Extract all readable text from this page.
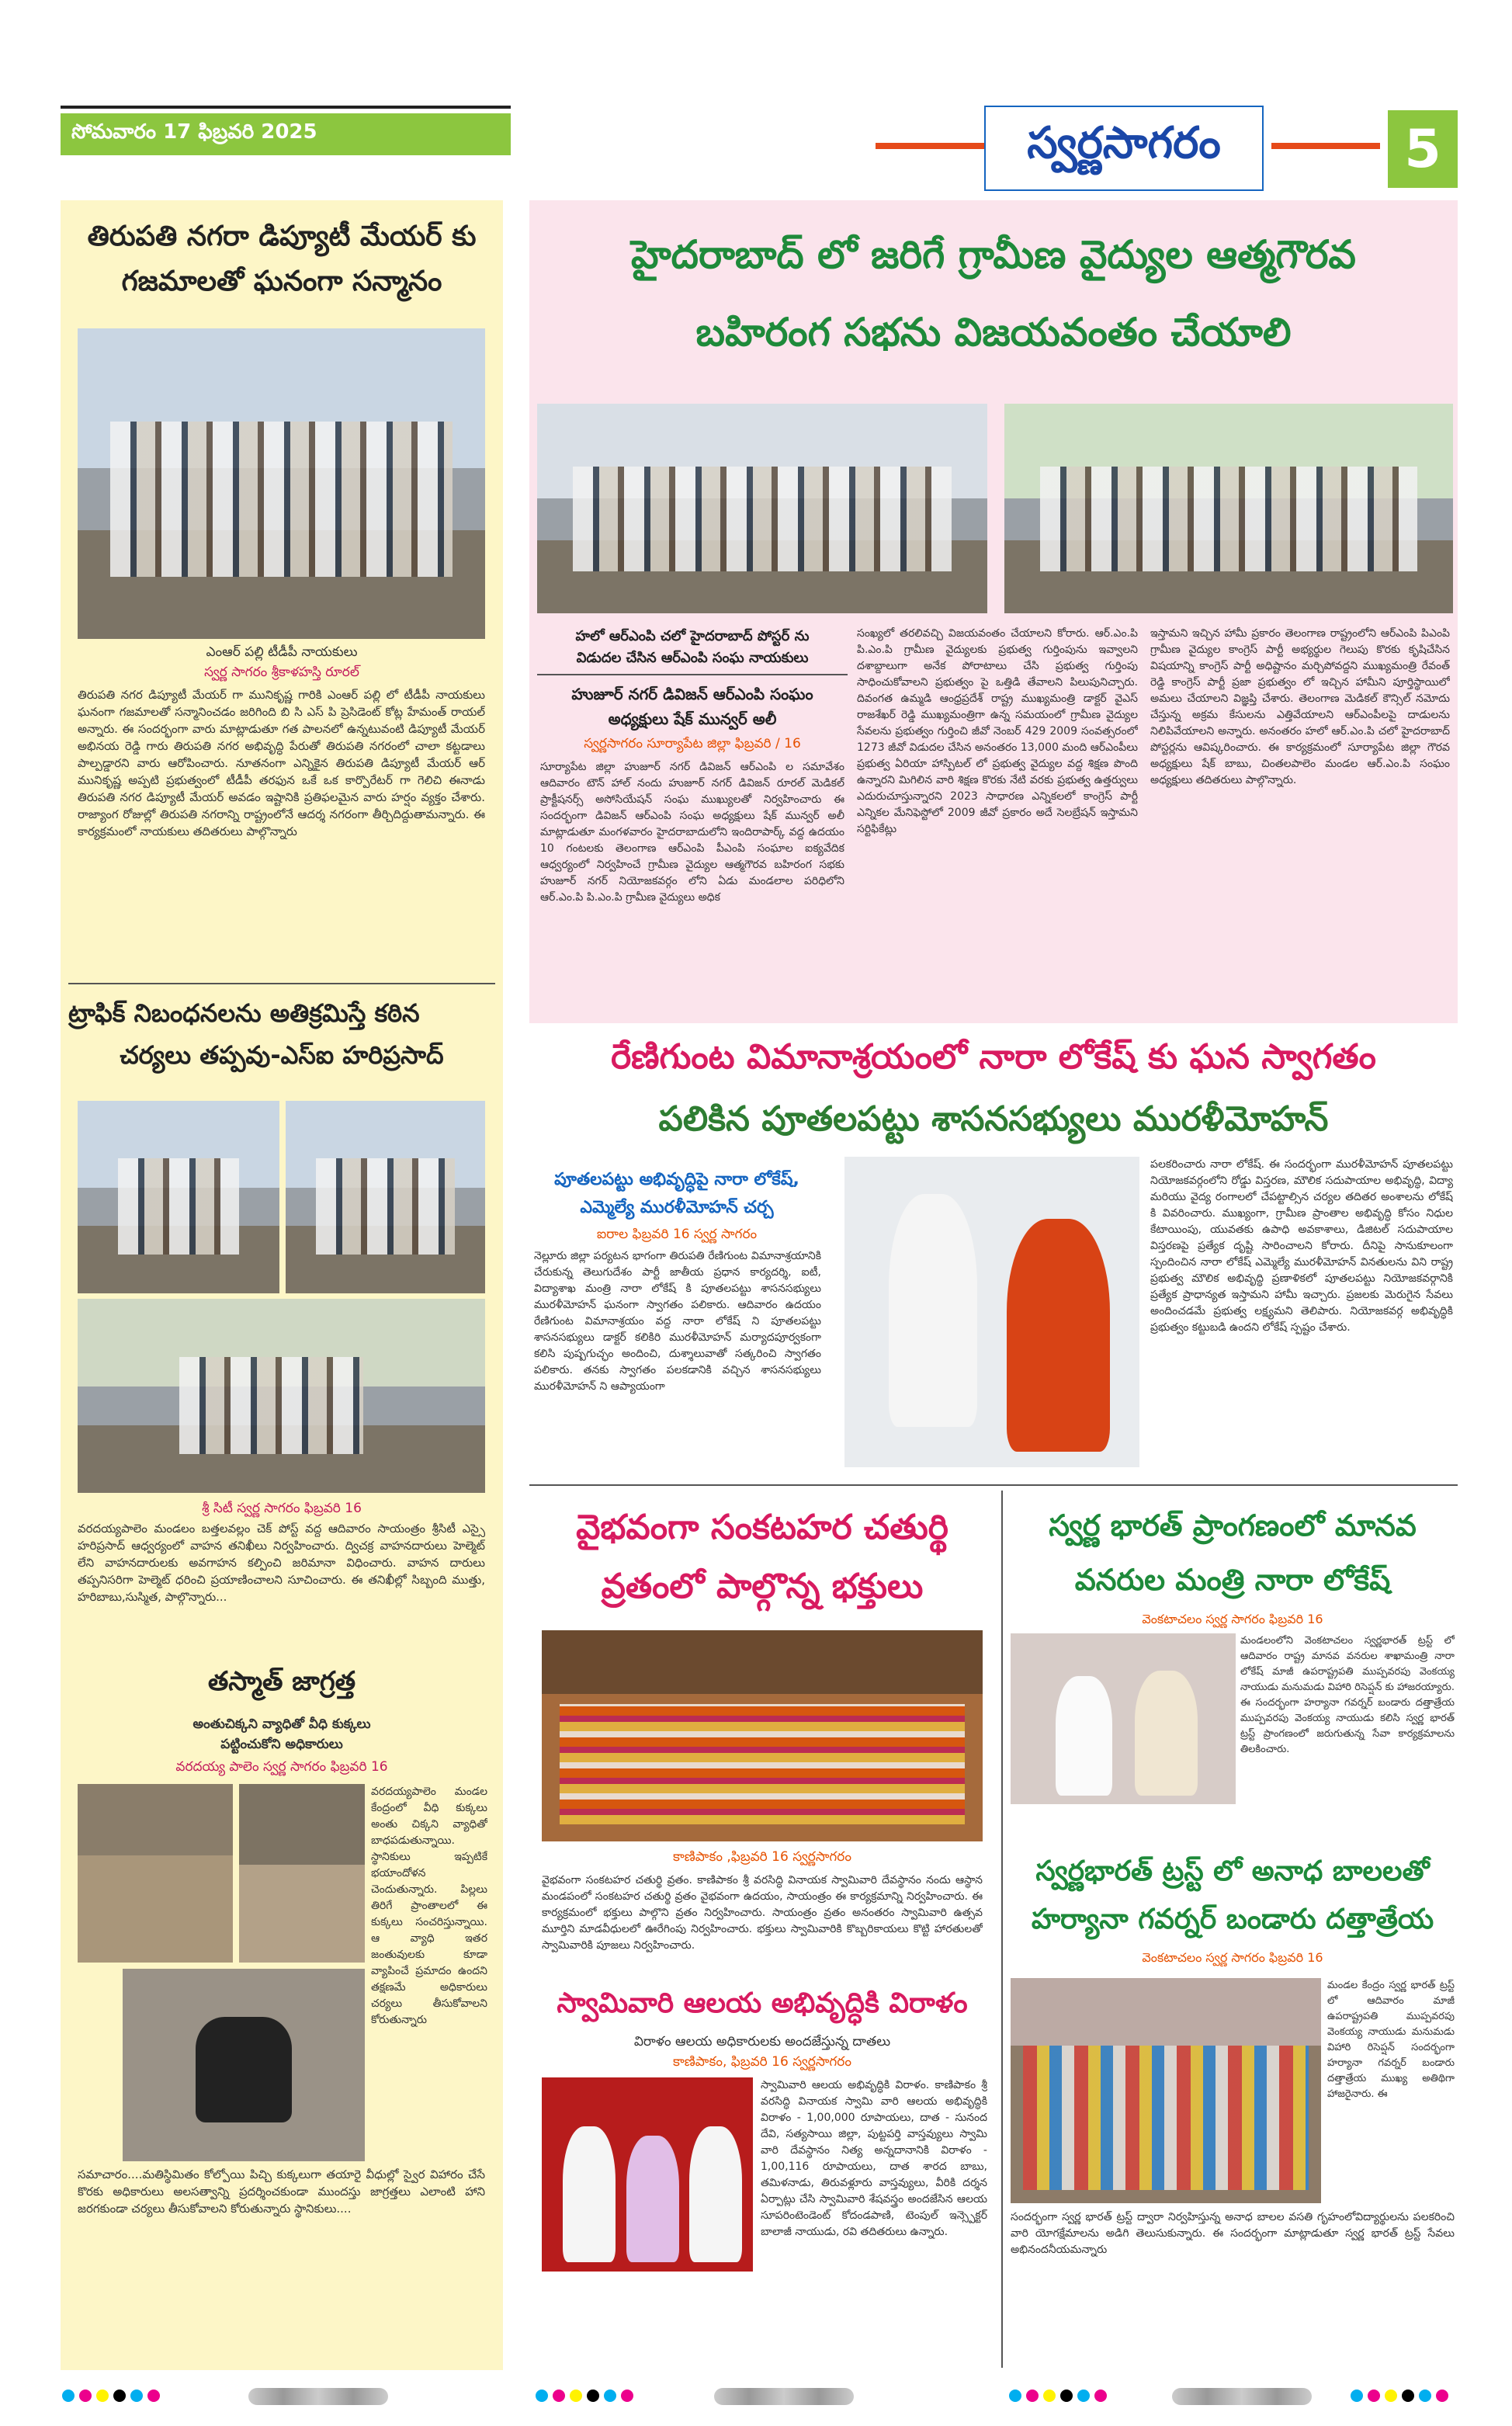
సోమవారం 17 ఫిబ్రవరి 2025	స్వర్ణసాగరం	5
తిరుపతి నగరా డిప్యూటీ మేయర్ కు
గజమాలతో ఘనంగా సన్మానం
ఎంఆర్ పల్లి టీడీపీ నాయకులు
స్వర్ణ సాగరం శ్రీకాళహస్తి రూరల్
తిరుపతి నగర డిప్యూటీ మేయర్ గా మునికృష్ణ గారికి ఎంఆర్ పల్లి లో టీడీపీ నాయకులు ఘనంగా గజమాలతో సన్మానించడం జరిగింది బి సి ఎస్ పి ప్రెసిడెంట్ కోట్ల హేమంత్ రాయల్ అన్నారు. ఈ సందర్భంగా వారు మాట్లాడుతూ గత పాలనలో ఉన్నటువంటి డిప్యూటీ మేయర్ అభినయ రెడ్డి గారు తిరుపతి నగర అభివృద్ధి పేరుతో తిరుపతి నగరంలో చాలా కట్టడాలు పాల్పడ్డారని వారు ఆరోపించారు. నూతనంగా ఎన్నికైన తిరుపతి డిప్యూటీ మేయర్ ఆర్ మునికృష్ణ అప్పటి ప్రభుత్వంలో టీడీపీ తరఫున ఒకే ఒక కార్పొరేటర్ గా గెలిచి ఈనాడు తిరుపతి నగర డిప్యూటీ మేయర్ అవడం ఇష్టానికి ప్రతిఫలమైన వారు హర్షం వ్యక్తం చేశారు. రాజ్యాంగ రోజుల్లో తిరుపతి నగరాన్ని రాష్ట్రంలోనే ఆదర్శ నగరంగా తీర్చిదిద్దుతామన్నారు. ఈ కార్యక్రమంలో నాయకులు తదితరులు పాల్గొన్నారు
ట్రాఫిక్ నిబంధనలను అతిక్రమిస్తే కఠిన
చర్యలు తప్పవు-ఎస్ఐ హరిప్రసాద్
శ్రీ సిటీ స్వర్ణ సాగరం ఫిబ్రవరి 16
వరదయ్యపాలెం మండలం బత్తలవల్లం చెక్ పోస్ట్ వద్ద ఆదివారం సాయంత్రం శ్రీసిటీ ఎస్సై హరిప్రసాద్ ఆధ్వర్యంలో వాహన తనిఖీలు నిర్వహించారు. ద్విచక్ర వాహనదారులు హెల్మెట్ లేని వాహనదారులకు అవగాహన కల్పించి జరిమానా విధించారు. వాహన దారులు తప్పనిసరిగా హెల్మెట్ ధరించి ప్రయాణించాలని సూచించారు. ఈ తనిఖీల్లో సిబ్బంది ముత్తు, హరిబాబు,సుస్మిత, పాల్గొన్నారు...
తస్మాత్ జాగ్రత్త
అంతుచిక్కని వ్యాధితో వీధి కుక్కలు
పట్టించుకోని అధికారులు
వరదయ్య పాలెం స్వర్ణ సాగరం ఫిబ్రవరి 16
వరదయ్యపాలెం మండల కేంద్రంలో వీధి కుక్కలు అంతు చిక్కని వ్యాధితో బాధపడుతున్నాయి. స్థానికులు ఇప్పటికే భయాందోళన చెందుతున్నారు. పిల్లలు తిరిగే ప్రాంతాలలో ఈ కుక్కలు సంచరిస్తున్నాయి. ఆ వ్యాధి ఇతర జంతువులకు కూడా వ్యాపించే ప్రమాదం ఉందని తక్షణమే అధికారులు చర్యలు తీసుకోవాలని కోరుతున్నారు
సమాచారం....మతిస్థిమితం కోల్పోయి పిచ్చి కుక్కలుగా తయారై వీధుల్లో స్వైర విహారం చేసే కొరకు అధికారులు అలసత్వాన్ని ప్రదర్శించకుండా ముందస్తు జాగ్రత్తలు ఎలాంటి హాని జరగకుండా చర్యలు తీసుకోవాలని కోరుతున్నారు స్థానికులు....
హైదరాబాద్ లో జరిగే గ్రామీణ వైద్యుల ఆత్మగౌరవ
బహిరంగ సభను విజయవంతం చేయాలి
హలో ఆర్ఎంపి చలో హైదరాబాద్ పోస్టర్ ను
విడుదల చేసిన ఆర్ఎంపి సంఘ నాయకులు
హుజూర్ నగర్ డివిజన్ ఆర్ఎంపి సంఘం
అధ్యక్షులు షేక్ మున్వర్ అలీ
స్వర్ణసాగరం సూర్యాపేట జిల్లా ఫిబ్రవరి / 16
సూర్యాపేట జిల్లా హుజూర్ నగర్ డివిజన్ ఆర్ఎంపి ల సమావేశం ఆదివారం టౌన్ హాల్ నందు హుజూర్ నగర్ డివిజన్ రూరల్ మెడికల్ ప్రాక్టీషనర్స్ అసోసియేషన్ సంఘ ముఖ్యులతో నిర్వహించారు ఈ సందర్భంగా డివిజన్ ఆర్ఎంపి సంఘ అధ్యక్షులు షేక్ మున్వర్ అలీ మాట్లాడుతూ మంగళవారం హైదరాబాదులోని ఇందిరాపార్క్ వద్ద ఉదయం 10 గంటలకు తెలంగాణ ఆర్ఎంపి పీఎంపి సంఘాల ఐక్యవేదిక ఆధ్వర్యంలో నిర్వహించే గ్రామీణ వైద్యుల ఆత్మగౌరవ బహిరంగ సభకు హుజూర్ నగర్ నియోజకవర్గం లోని ఏడు మండలాల పరిధిలోని ఆర్.ఎం.పి పి.ఎం.పి గ్రామీణ వైద్యులు అధిక
సంఖ్యలో తరలివచ్చి విజయవంతం చేయాలని కోరారు. ఆర్.ఎం.పి పి.ఎం.పి గ్రామీణ వైద్యులకు ప్రభుత్వ గుర్తింపును ఇవ్వాలని దశాబ్దాలుగా అనేక పోరాటాలు చేసి ప్రభుత్వ గుర్తింపు సాధించుకోవాలని ప్రభుత్వం పై ఒత్తిడి తేవాలని పిలుపునిచ్చారు. దివంగత ఉమ్మడి ఆంధ్రప్రదేశ్ రాష్ట్ర ముఖ్యమంత్రి డాక్టర్ వైఎస్ రాజశేఖర్ రెడ్డి ముఖ్యమంత్రిగా ఉన్న సమయంలో గ్రామీణ వైద్యుల సేవలను ప్రభుత్వం గుర్తించి జీవో నెంబర్ 429 2009 సంవత్సరంలో 1273 జీవో విడుదల చేసిన అనంతరం 13,000 మంది ఆర్ఎంపీలు ప్రభుత్వ ఏరియా హాస్పిటల్ లో ప్రభుత్వ వైద్యుల వద్ద శిక్షణ పొంది ఉన్నారని మిగిలిన వారి శిక్షణ కొరకు నేటి వరకు ప్రభుత్వ ఉత్తర్వులు ఎదురుచూస్తున్నారని 2023 సాధారణ ఎన్నికలలో కాంగ్రెస్ పార్టీ ఎన్నికల మేనిఫెస్టోలో 2009 జీవో ప్రకారం అదే సెలబ్రేషన్ ఇస్తామని సర్టిఫికేట్లు
ఇస్తామని ఇచ్చిన హామీ ప్రకారం తెలంగాణ రాష్ట్రంలోని ఆర్ఎంపి పిఎంపి గ్రామీణ వైద్యుల కాంగ్రెస్ పార్టీ అభ్యర్థుల గెలుపు కొరకు కృషిచేసిన విషయాన్ని కాంగ్రెస్ పార్టీ అధిష్టానం మర్చిపోవద్దని ముఖ్యమంత్రి రేవంత్ రెడ్డి కాంగ్రెస్ పార్టీ ప్రజా ప్రభుత్వం లో ఇచ్చిన హామీని పూర్తిస్థాయిలో అమలు చేయాలని విజ్ఞప్తి చేశారు. తెలంగాణ మెడికల్ కౌన్సిల్ నమోదు చేస్తున్న అక్రమ కేసులను ఎత్తివేయాలని ఆర్ఎంపీలపై దాడులను నిలిపివేయాలని అన్నారు. అనంతరం హలో ఆర్.ఎం.పి చలో హైదరాబాద్ పోస్టర్లను ఆవిష్కరించారు. ఈ కార్యక్రమంలో సూర్యాపేట జిల్లా గౌరవ అధ్యక్షులు షేక్ బాబు, చింతలపాలెం మండల ఆర్.ఎం.పి సంఘం అధ్యక్షులు తదితరులు పాల్గొన్నారు.
రేణిగుంట విమానాశ్రయంలో నారా లోకేష్ కు ఘన స్వాగతం
పలికిన పూతలపట్టు శాసనసభ్యులు మురళీమోహన్
పూతలపట్టు అభివృద్ధిపై నారా లోకేష్,
ఎమ్మెల్యే మురళీమోహన్ చర్చ
ఐరాల ఫిబ్రవరి 16 స్వర్ణ సాగరం
నెల్లూరు జిల్లా పర్యటన భాగంగా తిరుపతి రేణిగుంట విమానాశ్రయానికి చేరుకున్న తెలుగుదేశం పార్టీ జాతీయ ప్రధాన కార్యదర్శి, ఐటీ, విద్యాశాఖ మంత్రి నారా లోకేష్ కి పూతలపట్టు శాసనసభ్యులు మురళీమోహన్ ఘనంగా స్వాగతం పలికారు. ఆదివారం ఉదయం రేణిగుంట విమానాశ్రయం వద్ద నారా లోకేష్ ని పూతలపట్టు శాసనసభ్యులు డాక్టర్ కలికిరి మురళీమోహన్ మర్యాదపూర్వకంగా కలిసి పుష్పగుచ్ఛం అందించి, దుశ్శాలువాతో సత్కరించి స్వాగతం పలికారు. తనకు స్వాగతం పలకడానికి వచ్చిన శాసనసభ్యులు మురళీమోహన్ ని ఆప్యాయంగా
పలకరించారు నారా లోకేష్. ఈ సందర్భంగా మురళీమోహన్ పూతలపట్టు నియోజకవర్గంలోని రోడ్డు విస్తరణ, మౌలిక సదుపాయాల అభివృద్ధి, విద్యా మరియు వైద్య రంగాలలో చేపట్టాల్సిన చర్యల తదితర అంశాలను లోకేష్ కి వివరించారు. ముఖ్యంగా, గ్రామీణ ప్రాంతాల అభివృద్ధి కోసం నిధుల కేటాయింపు, యువతకు ఉపాధి అవకాశాలు, డిజిటల్ సదుపాయాల విస్తరణపై ప్రత్యేక దృష్టి సారించాలని కోరారు. దీనిపై సానుకూలంగా స్పందించిన నారా లోకేష్ ఎమ్మెల్యే మురళీమోహన్ వినతులను విని రాష్ట్ర ప్రభుత్వ మౌలిక అభివృద్ధి ప్రణాళికలో పూతలపట్టు నియోజకవర్గానికి ప్రత్యేక ప్రాధాన్యత ఇస్తామని హామీ ఇచ్చారు. ప్రజలకు మెరుగైన సేవలు అందించడమే ప్రభుత్వ లక్ష్యమని తెలిపారు. నియోజకవర్గ అభివృద్ధికి ప్రభుత్వం కట్టుబడి ఉందని లోకేష్ స్పష్టం చేశారు.
వైభవంగా సంకటహర చతుర్థి
వ్రతంలో పాల్గొన్న భక్తులు
కాణిపాకం ,ఫిబ్రవరి 16 స్వర్ణసాగరం
వైభవంగా సంకటహర చతుర్థి వ్రతం. కాణిపాకం శ్రీ వరసిద్ధి వినాయక స్వామివారి దేవస్థానం నందు ఆస్థాన మండపంలో సంకటహర చతుర్థి వ్రతం వైభవంగా ఉదయం, సాయంత్రం ఈ కార్యక్రమాన్ని నిర్వహించారు. ఈ కార్యక్రమంలో భక్తులు పాల్గొని వ్రతం నిర్వహించారు. సాయంత్రం వ్రతం అనంతరం స్వామివారి ఉత్సవ మూర్తిని మాడవీధులలో ఊరేగింపు నిర్వహించారు. భక్తులు స్వామివారికి కొబ్బరికాయలు కొట్టి హారతులతో స్వామివారికి పూజలు నిర్వహించారు.
స్వామివారి ఆలయ అభివృద్ధికి విరాళం
విరాళం ఆలయ అధికారులకు అందజేస్తున్న దాతలు
కాణిపాకం, ఫిబ్రవరి 16 స్వర్ణసాగరం
స్వామివారి ఆలయ అభివృద్ధికి విరాళం. కాణిపాకం శ్రీ వరసిద్ధి వినాయక స్వామి వారి ఆలయ అభివృద్ధికి విరాళం - 1,00,000 రూపాయలు, దాత - సునంద దేవి, సత్యసాయి జిల్లా, పుట్టపర్తి వాస్తవ్యులు స్వామి వారి దేవస్థానం నిత్య అన్నదానానికి విరాళం - 1,00,116 రూపాయలు, దాత శారద బాబు, తమిళనాడు, తిరువళ్లూరు వాస్తవ్యులు, వీరికి దర్శన ఏర్పాట్లు చేసి స్వామివారి శేషవస్త్రం అందజేసిన ఆలయ సూపరింటెండెంట్ కోదండపాణి, టెంపుల్ ఇన్స్పెక్టర్ బాలాజీ నాయుడు, రవి తదితరులు ఉన్నారు.
స్వర్ణ భారత్ ప్రాంగణంలో మానవ
వనరుల మంత్రి నారా లోకేష్
వెంకటాచలం స్వర్ణ సాగరం ఫిబ్రవరి 16
మండలంలోని వెంకటాచలం స్వర్ణభారత్ ట్రస్ట్ లో ఆదివారం రాష్ట్ర మానవ వనరుల శాఖామంత్రి నారా లోకేష్ మాజీ ఉపరాష్ట్రపతి ముప్పవరపు వెంకయ్య నాయుడు మనుమడు విహారి రిసెప్షన్ కు హాజరయ్యారు. ఈ సందర్భంగా హర్యానా గవర్నర్ బండారు దత్తాత్రేయ ముప్పవరపు వెంకయ్య నాయుడు కలిసి స్వర్ణ భారత్ ట్రస్ట్ ప్రాంగణంలో జరుగుతున్న సేవా కార్యక్రమాలను తిలకించారు.
స్వర్ణభారత్ ట్రస్ట్ లో అనాధ బాలలతో
హర్యానా గవర్నర్ బండారు దత్తాత్రేయ
వెంకటాచలం స్వర్ణ సాగరం ఫిబ్రవరి 16
మండల కేంద్రం స్వర్ణ భారత్ ట్రస్ట్ లో ఆదివారం మాజీ ఉపరాష్ట్రపతి ముప్పవరపు వెంకయ్య నాయుడు మనుమడు విహారి రిసెప్షన్ సందర్భంగా హర్యానా గవర్నర్ బండారు దత్తాత్రేయ ముఖ్య అతిథిగా హాజరైనారు. ఈ
సందర్భంగా స్వర్ణ భారత్ ట్రస్ట్ ద్వారా నిర్వహిస్తున్న అనాధ బాలల వసతి గృహంలోవిద్యార్థులను పలకరించి వారి యోగక్షేమాలను అడిగి తెలుసుకున్నారు. ఈ సందర్భంగా మాట్లాడుతూ స్వర్ణ భారత్ ట్రస్ట్ సేవలు అభినందనీయమన్నారు
